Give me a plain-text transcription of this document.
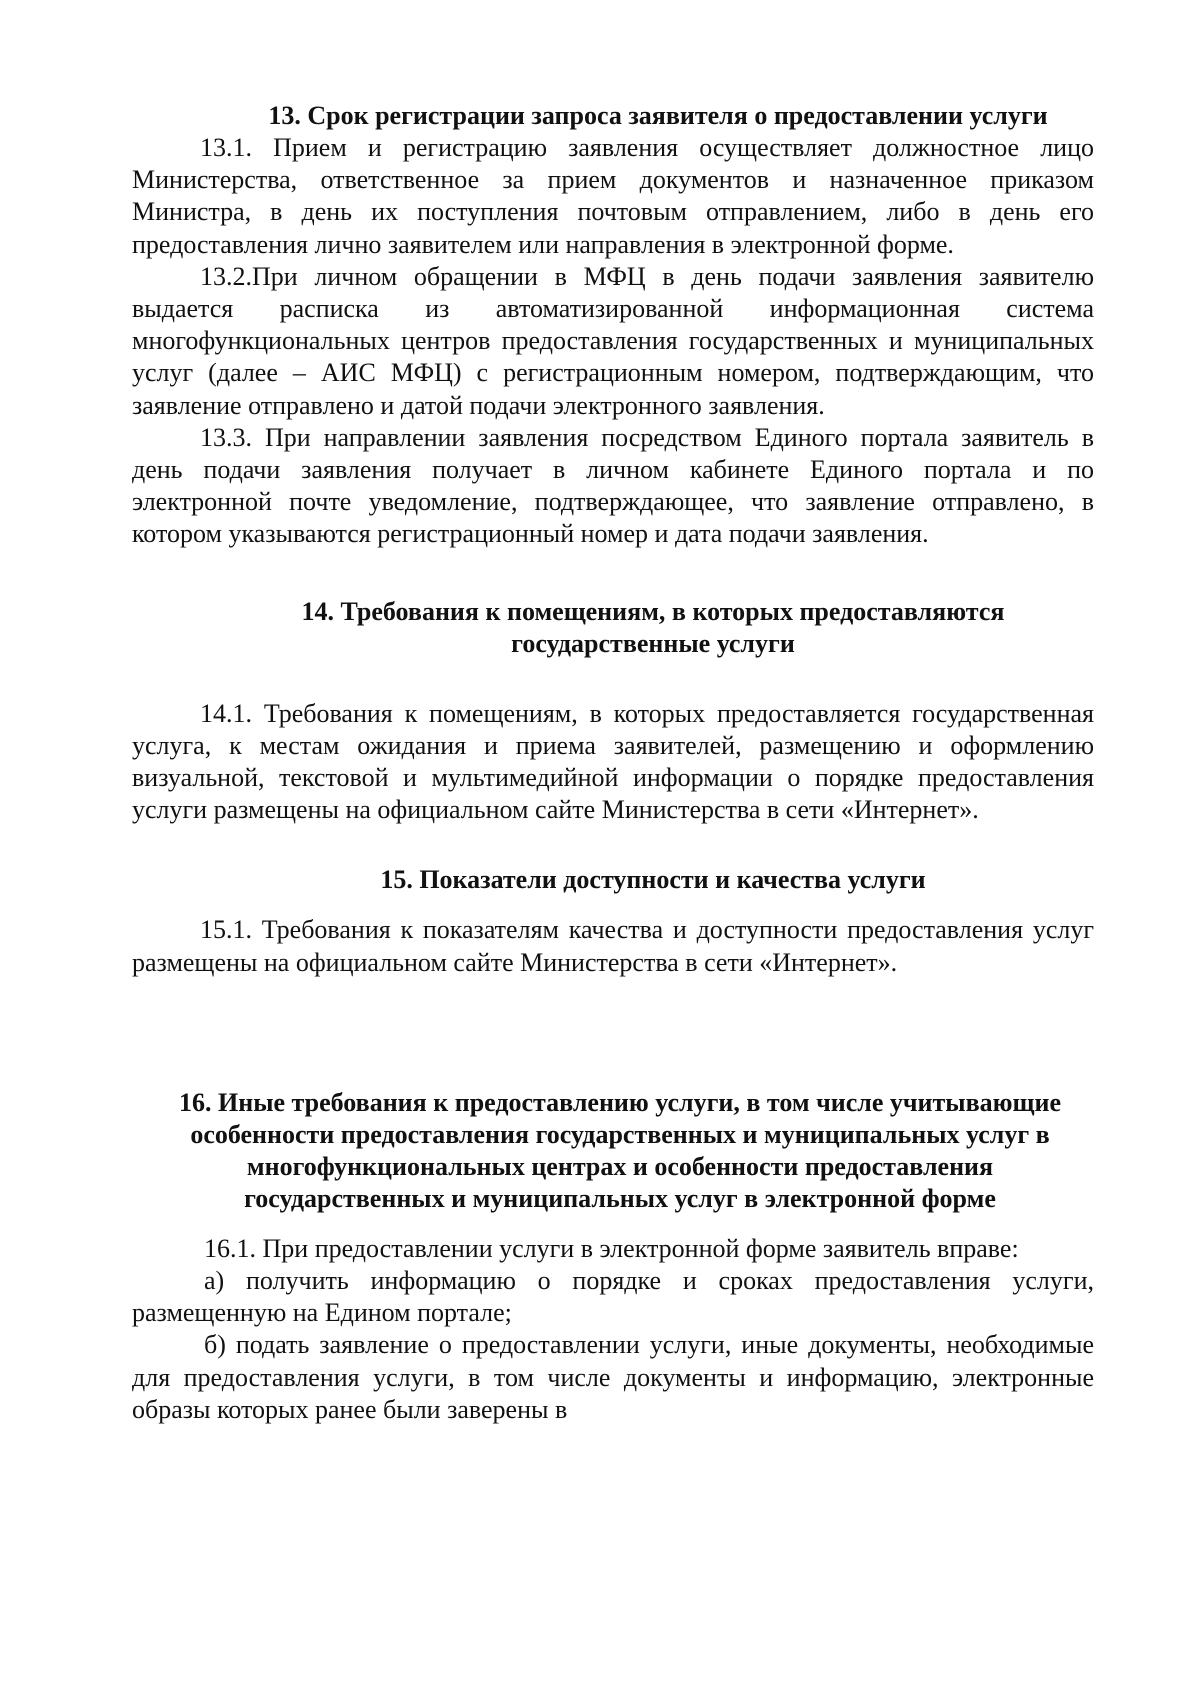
13. Срок регистрации запроса заявителя о предоставлении услуги

13.1. Прием и регистрацию заявления осуществляет должностное лицо Министерства, ответственное за прием документов и назначенное приказом Министра, в день их поступления почтовым отправлением, либо в день его предоставления лично заявителем или направления в электронной форме.

13.2.При личном обращении в МФЦ в день подачи заявления заявителю выдается расписка из автоматизированной информационная система многофункциональных центров предоставления государственных и муниципальных услуг (далее – АИС МФЦ) с регистрационным номером, подтверждающим, что заявление отправлено и датой подачи электронного заявления.

13.3. При направлении заявления посредством Единого портала заявитель в день подачи заявления получает в личном кабинете Единого портала и по электронной почте уведомление, подтверждающее, что заявление отправлено, в котором указываются регистрационный номер и дата подачи заявления.

14. Требования к помещениям, в которых предоставляются государственные услуги

14.1. Требования к помещениям, в которых предоставляется государственная услуга, к местам ожидания и приема заявителей, размещению и оформлению визуальной, текстовой и мультимедийной информации о порядке предоставления услуги размещены на официальном сайте Министерства в сети «Интернет».

15. Показатели доступности и качества услуги

15.1. Требования к показателям качества и доступности предоставления услуг размещены на официальном сайте Министерства в сети «Интернет».

16. Иные требования к предоставлению услуги, в том числе учитывающие особенности предоставления государственных и муниципальных услуг в многофункциональных центрах и особенности предоставления государственных и муниципальных услуг в электронной форме

16.1. При предоставлении услуги в электронной форме заявитель вправе:

а) получить информацию о порядке и сроках предоставления услуги, размещенную на Едином портале;

б) подать заявление о предоставлении услуги, иные документы, необходимые для предоставления услуги, в том числе документы и информацию, электронные образы которых ранее были заверены в
